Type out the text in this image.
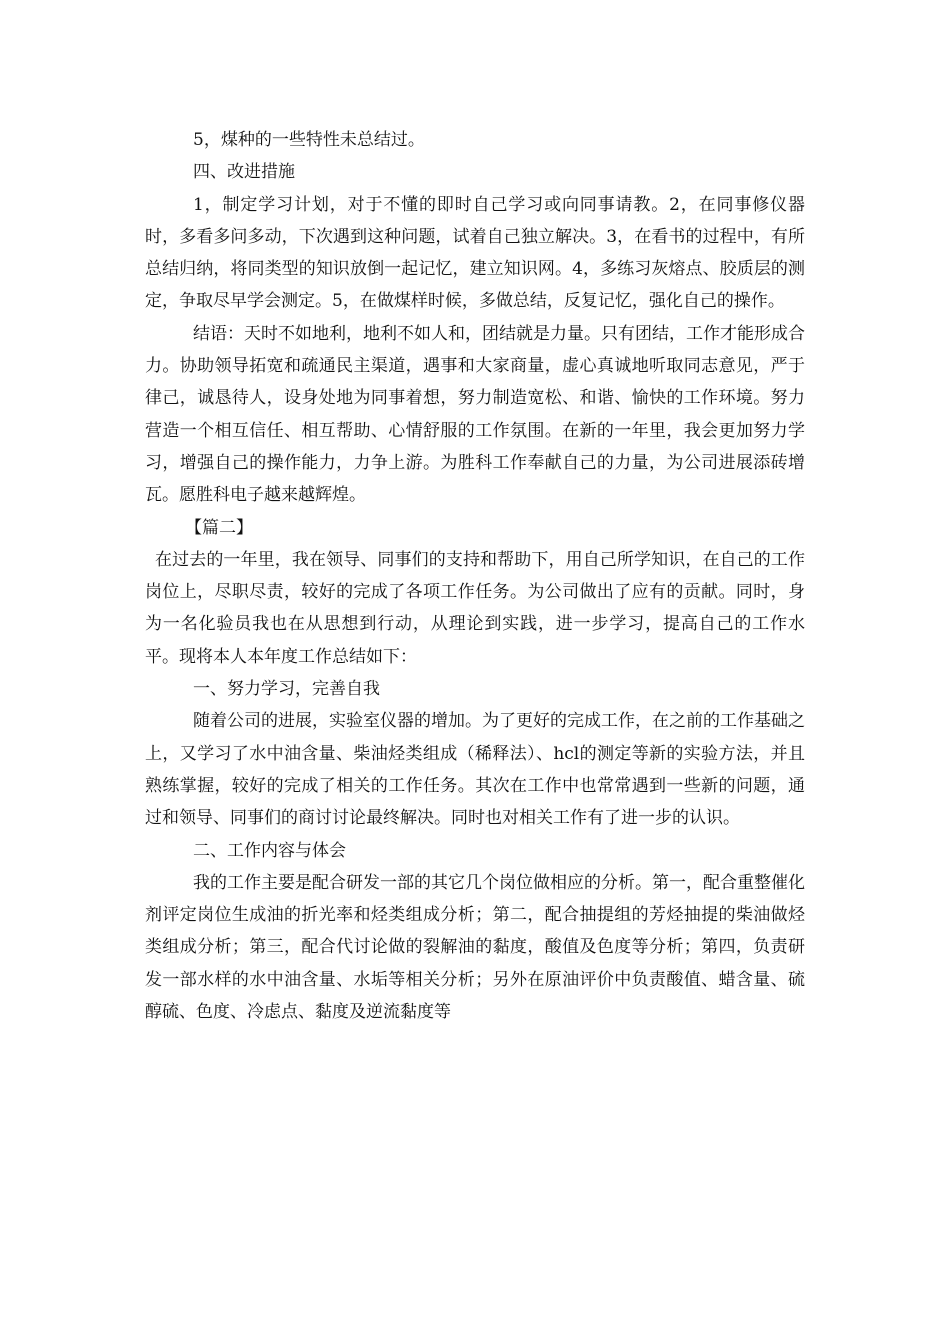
5，煤种的一些特性未总结过。

四、改进措施

1，制定学习计划，对于不懂的即时自己学习或向同事请教。2，在同事修仪器时，多看多问多动，下次遇到这种问题，试着自己独立解决。3，在看书的过程中，有所总结归纳，将同类型的知识放倒一起记忆，建立知识网。4，多练习灰熔点、胶质层的测定，争取尽早学会测定。5，在做煤样时候，多做总结，反复记忆，强化自己的操作。

结语：天时不如地利，地利不如人和，团结就是力量。只有团结，工作才能形成合力。协助领导拓宽和疏通民主渠道，遇事和大家商量，虚心真诚地听取同志意见，严于律己，诚恳待人，设身处地为同事着想，努力制造宽松、和谐、愉快的工作环境。努力营造一个相互信任、相互帮助、心情舒服的工作氛围。在新的一年里，我会更加努力学习，增强自己的操作能力，力争上游。为胜科工作奉献自己的力量，为公司进展添砖增瓦。愿胜科电子越来越辉煌。

【篇二】

在过去的一年里，我在领导、同事们的支持和帮助下，用自己所学知识，在自己的工作岗位上，尽职尽责，较好的完成了各项工作任务。为公司做出了应有的贡献。同时，身为一名化验员我也在从思想到行动，从理论到实践，进一步学习，提高自己的工作水平。现将本人本年度工作总结如下：

一、努力学习，完善自我

随着公司的进展，实验室仪器的增加。为了更好的完成工作，在之前的工作基础之上，又学习了水中油含量、柴油烃类组成（稀释法）、hcl的测定等新的实验方法，并且熟练掌握，较好的完成了相关的工作任务。其次在工作中也常常遇到一些新的问题，通过和领导、同事们的商讨讨论最终解决。同时也对相关工作有了进一步的认识。

二、工作内容与体会

我的工作主要是配合研发一部的其它几个岗位做相应的分析。第一，配合重整催化剂评定岗位生成油的折光率和烃类组成分析；第二，配合抽提组的芳烃抽提的柴油做烃类组成分析；第三，配合代讨论做的裂解油的黏度，酸值及色度等分析；第四，负责研发一部水样的水中油含量、水垢等相关分析；另外在原油评价中负责酸值、蜡含量、硫醇硫、色度、冷虑点、黏度及逆流黏度等
